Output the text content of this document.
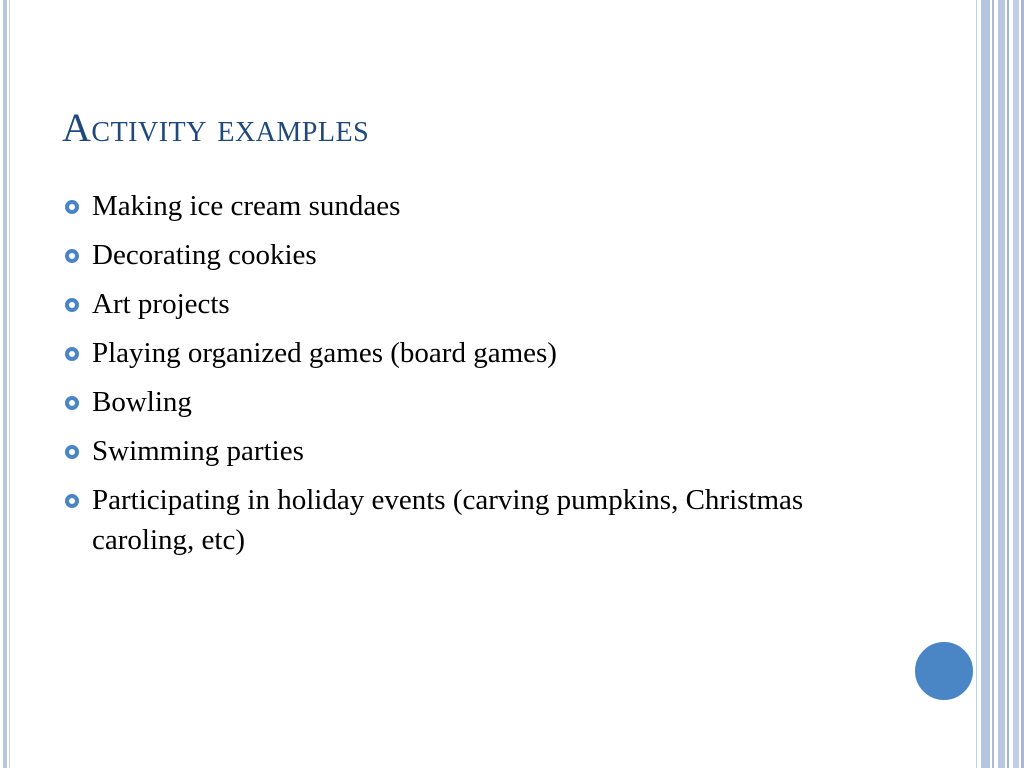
Activity examples
Making ice cream sundaes
Decorating cookies
Art projects
Playing organized games (board games)
Bowling
Swimming parties
Participating in holiday events (carving pumpkins, Christmas caroling, etc)
